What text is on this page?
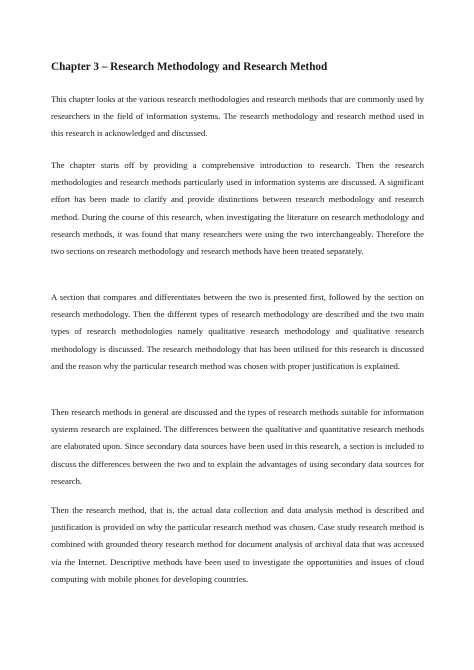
Chapter 3 – Research Methodology and Research Method

This chapter looks at the various research methodologies and research methods that are commonly used by researchers in the field of information systems. The research methodology and research method used in this research is acknowledged and discussed.

The chapter starts off by providing a comprehensive introduction to research. Then the research methodologies and research methods particularly used in information systems are discussed. A significant effort has been made to clarify and provide distinctions between research methodology and research method. During the course of this research, when investigating the literature on research methodology and research methods, it was found that many researchers were using the two interchangeably. Therefore the two sections on research methodology and research methods have been treated separately.

A section that compares and differentiates between the two is presented first, followed by the section on research methodology. Then the different types of research methodology are described and the two main types of research methodologies namely qualitative research methodology and qualitative research methodology is discussed. The research methodology that has been utilised for this research is discussed and the reason why the particular research method was chosen with proper justification is explained.

Then research methods in general are discussed and the types of research methods suitable for information systems research are explained. The differences between the qualitative and quantitative research methods are elaborated upon. Since secondary data sources have been used in this research, a section is included to discuss the differences between the two and to explain the advantages of using secondary data sources for research.

Then the research method, that is, the actual data collection and data analysis method is described and justification is provided on why the particular research method was chosen. Case study research method is combined with grounded theory research method for document analysis of archival data that was accessed via the Internet. Descriptive methods have been used to investigate the opportunities and issues of cloud computing with mobile phones for developing countries.
